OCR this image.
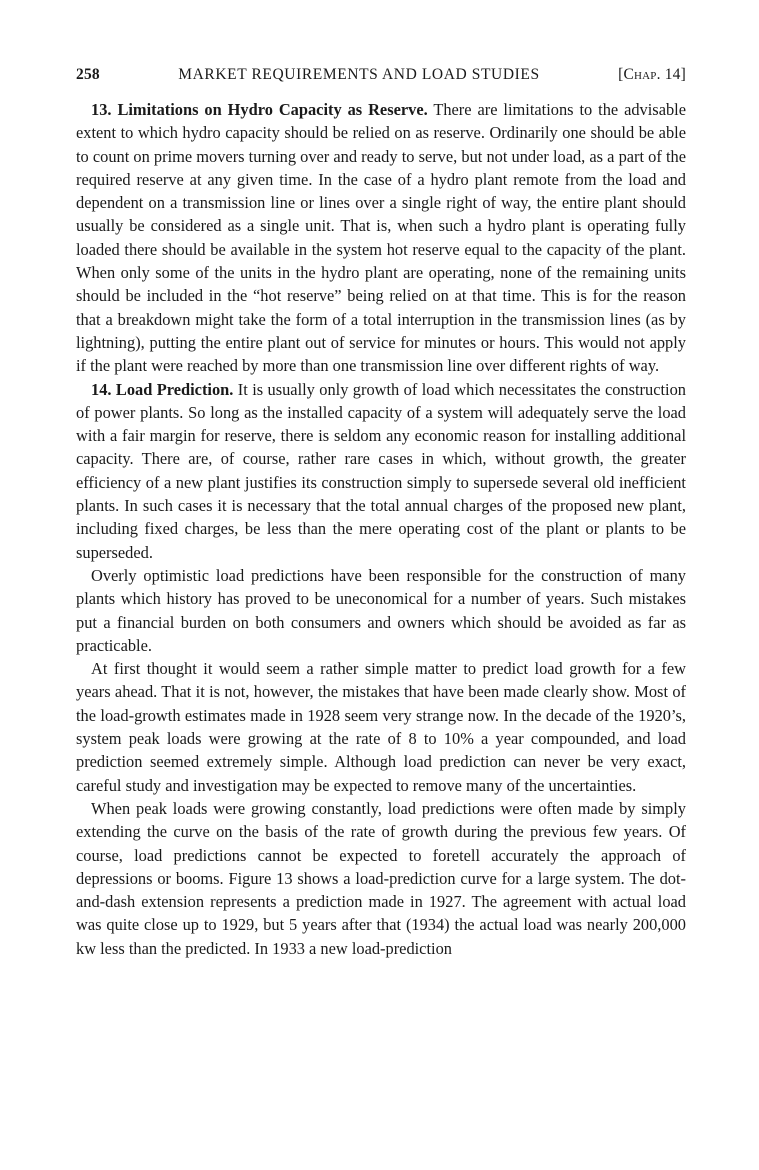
258	MARKET REQUIREMENTS AND LOAD STUDIES	[Chap. 14]

13. Limitations on Hydro Capacity as Reserve. There are limitations to the advisable extent to which hydro capacity should be relied on as reserve. Ordinarily one should be able to count on prime movers turning over and ready to serve, but not under load, as a part of the required reserve at any given time. In the case of a hydro plant remote from the load and dependent on a transmission line or lines over a single right of way, the entire plant should usually be considered as a single unit. That is, when such a hydro plant is operating fully loaded there should be available in the system hot reserve equal to the capacity of the plant. When only some of the units in the hydro plant are operating, none of the remaining units should be included in the “hot reserve” being relied on at that time. This is for the reason that a breakdown might take the form of a total interruption in the transmission lines (as by lightning), putting the entire plant out of service for minutes or hours. This would not apply if the plant were reached by more than one transmission line over different rights of way.

14. Load Prediction. It is usually only growth of load which necessitates the construction of power plants. So long as the installed capacity of a system will adequately serve the load with a fair margin for reserve, there is seldom any economic reason for installing additional capacity. There are, of course, rather rare cases in which, without growth, the greater efficiency of a new plant justifies its construction simply to supersede several old inefficient plants. In such cases it is necessary that the total annual charges of the proposed new plant, including fixed charges, be less than the mere operating cost of the plant or plants to be superseded.

Overly optimistic load predictions have been responsible for the construction of many plants which history has proved to be uneconomical for a number of years. Such mistakes put a financial burden on both consumers and owners which should be avoided as far as practicable.

At first thought it would seem a rather simple matter to predict load growth for a few years ahead. That it is not, however, the mistakes that have been made clearly show. Most of the load-growth estimates made in 1928 seem very strange now. In the decade of the 1920’s, system peak loads were growing at the rate of 8 to 10% a year compounded, and load prediction seemed extremely simple. Although load prediction can never be very exact, careful study and investigation may be expected to remove many of the uncertainties.

When peak loads were growing constantly, load predictions were often made by simply extending the curve on the basis of the rate of growth during the previous few years. Of course, load predictions cannot be expected to foretell accurately the approach of depressions or booms. Figure 13 shows a load-prediction curve for a large system. The dot-and-dash extension represents a prediction made in 1927. The agreement with actual load was quite close up to 1929, but 5 years after that (1934) the actual load was nearly 200,000 kw less than the predicted. In 1933 a new load-prediction
